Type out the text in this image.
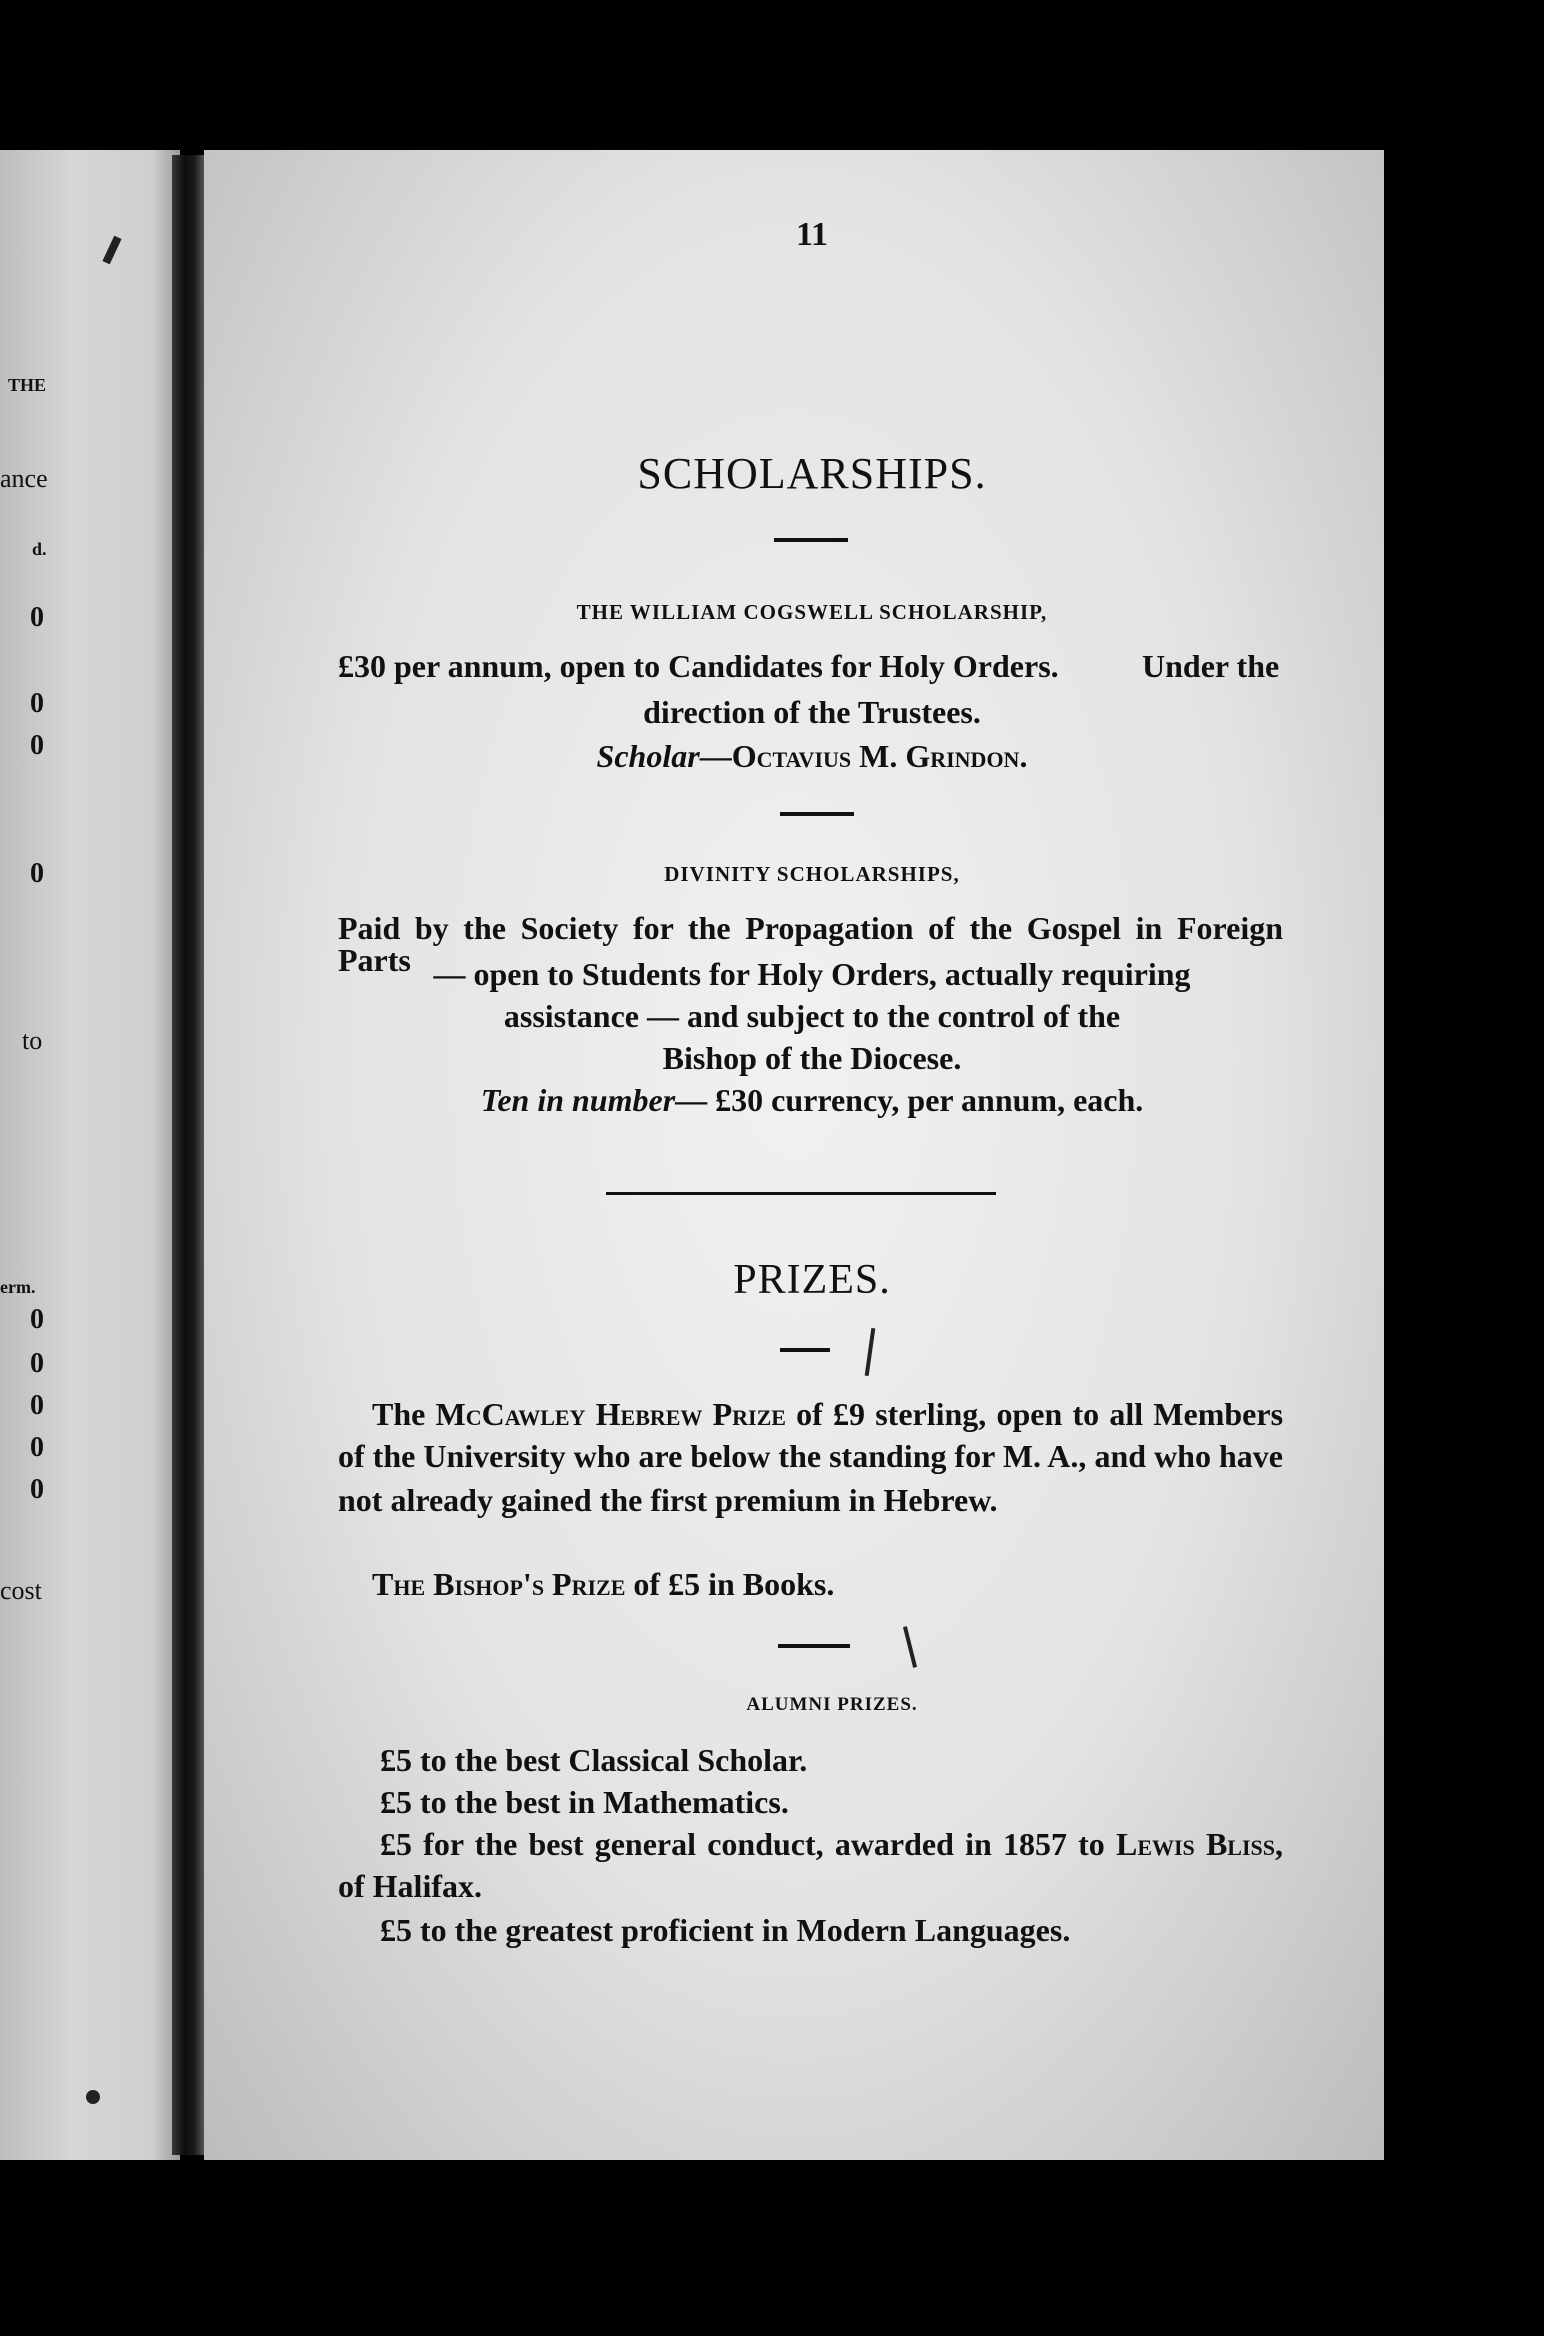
THE
ance
d.
0
0
0
0
to
erm.
0
0
0
0
0
cost
11
SCHOLARSHIPS.
THE WILLIAM COGSWELL SCHOLARSHIP,
£30 per annum, open to Candidates for Holy Orders.	Under the
direction of the Trustees.
Scholar—Octavius M. Grindon.
DIVINITY SCHOLARSHIPS,
Paid by the Society for the Propagation of the Gospel in Foreign Parts — open to Students for Holy Orders, actually requiring
assistance — and subject to the control of the
Bishop of the Diocese.
Ten in number— £30 currency, per annum, each.
PRIZES.
The McCawley Hebrew Prize of £9 sterling, open to all Members
of the University who are below the standing for M. A., and who have
not already gained the first premium in Hebrew.
The Bishop's Prize of £5 in Books.
ALUMNI PRIZES.
£5 to the best Classical Scholar.
£5 to the best in Mathematics.
£5 for the best general conduct, awarded in 1857 to Lewis Bliss,
of Halifax.
£5 to the greatest proficient in Modern Languages.
